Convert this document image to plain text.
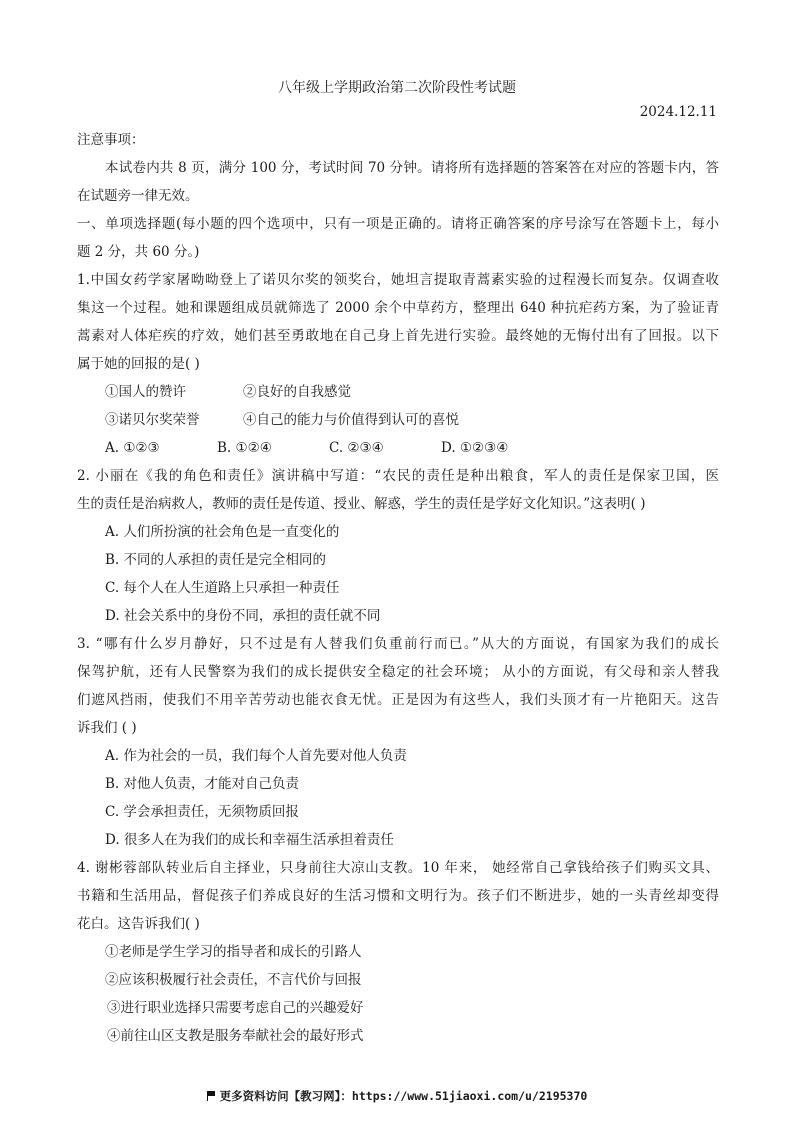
八年级上学期政治第二次阶段性考试题
2024.12.11
注意事项：
本试卷内共 8 页，满分 100 分，考试时间 70 分钟。请将所有选择题的答案答在对应的答题卡内，答
在试题旁一律无效。
一、单项选择题(每小题的四个选项中，只有一项是正确的。请将正确答案的序号涂写在答题卡上，每小
题 2 分，共 60 分。)
1.中国女药学家屠呦呦登上了诺贝尔奖的领奖台，她坦言提取青蒿素实验的过程漫长而复杂。仅调查收
集这一个过程。她和课题组成员就筛选了 2000 余个中草药方，整理出 640 种抗疟药方案，为了验证青
蒿素对人体疟疾的疗效，她们甚至勇敢地在自己身上首先进行实验。最终她的无悔付出有了回报。以下
属于她的回报的是( )
①国人的赞许	②良好的自我感觉
③诺贝尔奖荣誉	④自己的能力与价值得到认可的喜悦
A. ①②③	B. ①②④	C. ②③④	D. ①②③④
2. 小丽在《我的角色和责任》演讲稿中写道：“农民的责任是种出粮食，军人的责任是保家卫国，医
生的责任是治病救人，教师的责任是传道、授业、解惑，学生的责任是学好文化知识。”这表明( )
A. 人们所扮演的社会角色是一直变化的
B. 不同的人承担的责任是完全相同的
C. 每个人在人生道路上只承担一种责任
D. 社会关系中的身份不同，承担的责任就不同
3. “哪有什么岁月静好，只不过是有人替我们负重前行而已。”从大的方面说，有国家为我们的成长
保驾护航，还有人民警察为我们的成长提供安全稳定的社会环境； 从小的方面说，有父母和亲人替我
们遮风挡雨，使我们不用辛苦劳动也能衣食无忧。正是因为有这些人，我们头顶才有一片艳阳天。这告
诉我们 ( )
A. 作为社会的一员，我们每个人首先要对他人负责
B. 对他人负责，才能对自己负责
C. 学会承担责任，无须物质回报
D. 很多人在为我们的成长和幸福生活承担着责任
4. 谢彬蓉部队转业后自主择业，只身前往大凉山支教。10 年来， 她经常自己拿钱给孩子们购买文具、
书籍和生活用品，督促孩子们养成良好的生活习惯和文明行为。孩子们不断进步，她的一头青丝却变得
花白。这告诉我们( )
①老师是学生学习的指导者和成长的引路人
②应该积极履行社会责任，不言代价与回报
③进行职业选择只需要考虑自己的兴趣爱好
④前往山区支教是服务奉献社会的最好形式
更多资料访问【教习网】：https://www.51jiaoxi.com/u/2195370
